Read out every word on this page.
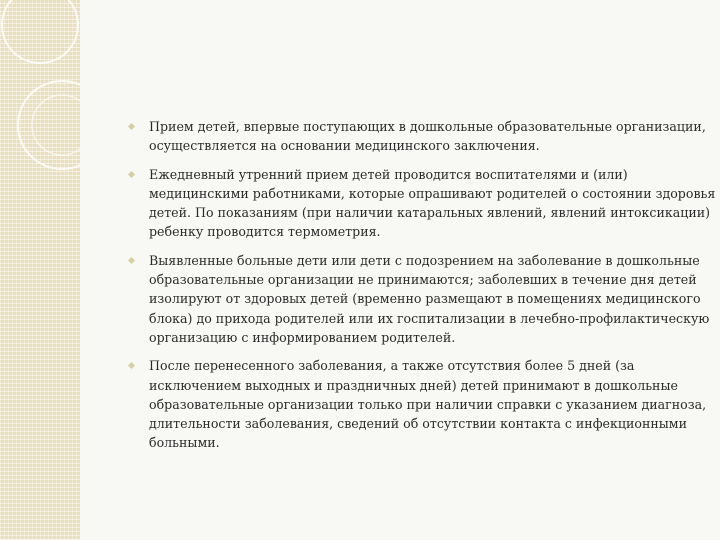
Прием детей, впервые поступающих в дошкольные образовательные организации, осуществляется на основании медицинского заключения.
Ежедневный утренний прием детей проводится воспитателями и (или) медицинскими работниками, которые опрашивают родителей о состоянии здоровья детей. По показаниям (при наличии катаральных явлений, явлений интоксикации) ребенку проводится термометрия.
Выявленные больные дети или дети с подозрением на заболевание в дошкольные образовательные организации не принимаются; заболевших в течение дня детей изолируют от здоровых детей (временно размещают в помещениях медицинского блока) до прихода родителей или их госпитализации в лечебно-профилактическую организацию с информированием родителей.
После перенесенного заболевания, а также отсутствия более 5 дней (за исключением выходных и праздничных дней) детей принимают в дошкольные образовательные организации только при наличии справки с указанием диагноза, длительности заболевания, сведений об отсутствии контакта с инфекционными больными.
